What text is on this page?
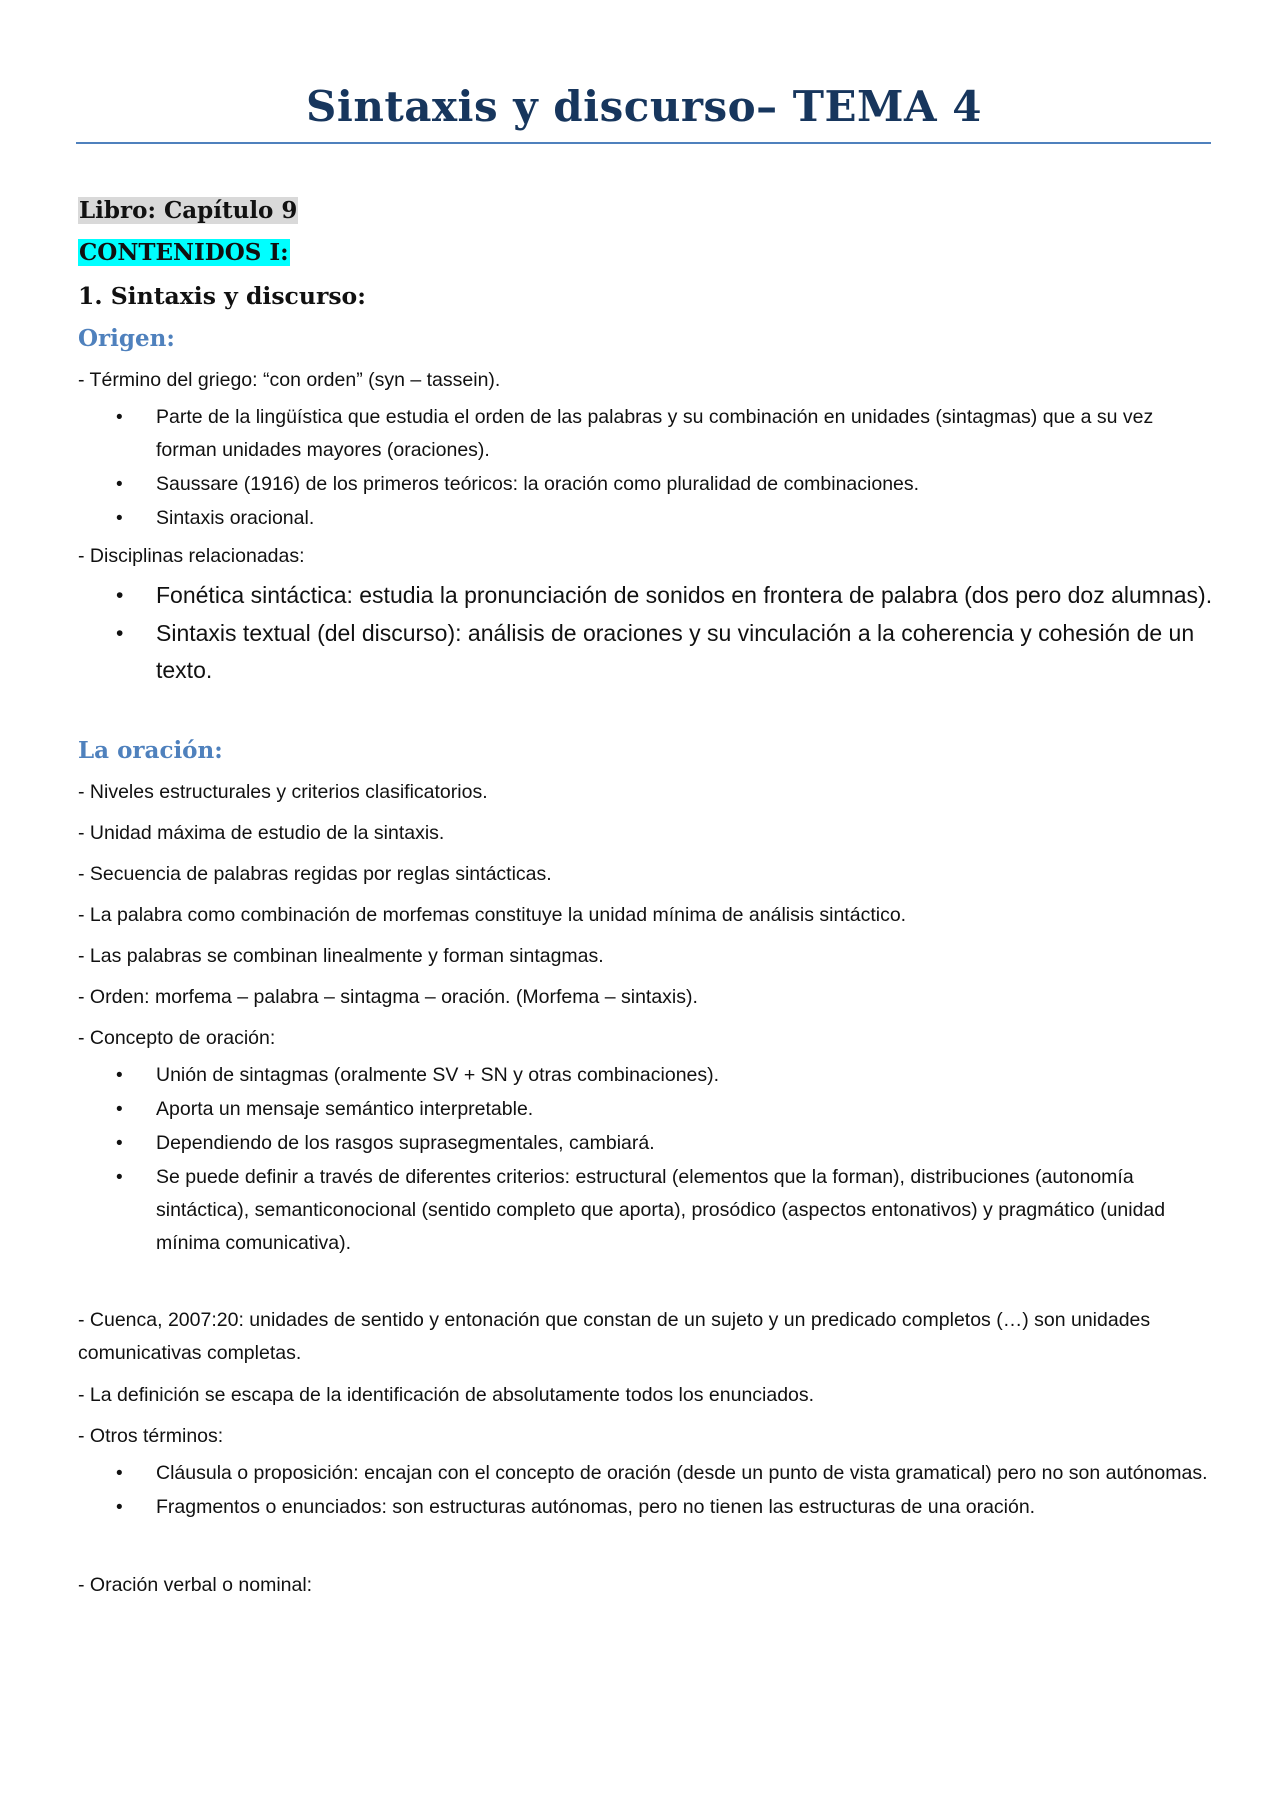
Sintaxis y discurso– TEMA 4
Libro: Capítulo 9
CONTENIDOS I:
1. Sintaxis y discurso:
Origen:

- Término del griego: “con orden” (syn – tassein).

• Parte de la lingüística que estudia el orden de las palabras y su combinación en unidades (sintagmas) que a su vez forman unidades mayores (oraciones).
• Saussare (1916) de los primeros teóricos: la oración como pluralidad de combinaciones.
• Sintaxis oracional.

- Disciplinas relacionadas:

• Fonética sintáctica: estudia la pronunciación de sonidos en frontera de palabra (dos pero doz alumnas).
• Sintaxis textual (del discurso): análisis de oraciones y su vinculación a la coherencia y cohesión de un texto.
La oración:

- Niveles estructurales y criterios clasificatorios.

- Unidad máxima de estudio de la sintaxis.

- Secuencia de palabras regidas por reglas sintácticas.

- La palabra como combinación de morfemas constituye la unidad mínima de análisis sintáctico.

- Las palabras se combinan linealmente y forman sintagmas.

- Orden: morfema – palabra – sintagma – oración. (Morfema – sintaxis).

- Concepto de oración:

• Unión de sintagmas (oralmente SV + SN y otras combinaciones).
• Aporta un mensaje semántico interpretable.
• Dependiendo de los rasgos suprasegmentales, cambiará.
• Se puede definir a través de diferentes criterios: estructural (elementos que la forman), distribuciones (autonomía sintáctica), semanticonocional (sentido completo que aporta), prosódico (aspectos entonativos) y pragmático (unidad mínima comunicativa).

- Cuenca, 2007:20: unidades de sentido y entonación que constan de un sujeto y un predicado completos (…) son unidades comunicativas completas.

- La definición se escapa de la identificación de absolutamente todos los enunciados.

- Otros términos:

• Cláusula o proposición: encajan con el concepto de oración (desde un punto de vista gramatical) pero no son autónomas.
• Fragmentos o enunciados: son estructuras autónomas, pero no tienen las estructuras de una oración.

- Oración verbal o nominal:
